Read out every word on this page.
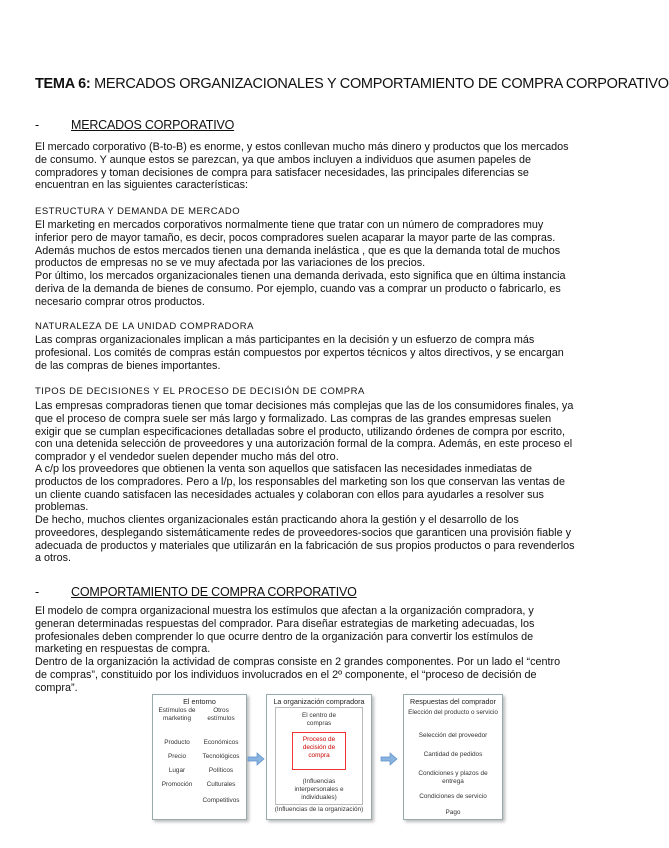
TEMA 6: MERCADOS ORGANIZACIONALES Y COMPORTAMIENTO DE COMPRA CORPORATIVO
-	MERCADOS CORPORATIVO
El mercado corporativo (B-to-B) es enorme, y estos conllevan mucho más dinero y productos que los mercados de consumo. Y aunque estos se parezcan, ya que ambos incluyen a individuos que asumen papeles de compradores y toman decisiones de compra para satisfacer necesidades, las principales diferencias se encuentran en las siguientes características:
ESTRUCTURA Y DEMANDA DE MERCADO
El marketing en mercados corporativos normalmente tiene que tratar con un número de compradores muy inferior pero de mayor tamaño, es decir, pocos compradores suelen acaparar la mayor parte de las compras. Además muchos de estos mercados tienen una demanda inelástica , que es que la demanda total de muchos productos de empresas no se ve muy afectada por las variaciones de los precios.
Por último, los mercados organizacionales tienen una demanda derivada, esto significa que en última instancia deriva de la demanda de bienes de consumo. Por ejemplo, cuando vas a comprar un producto o fabricarlo, es necesario comprar otros productos.
NATURALEZA DE LA UNIDAD COMPRADORA
Las compras organizacionales implican a más participantes en la decisión y un esfuerzo de compra más profesional. Los comités de compras están compuestos por expertos técnicos y altos directivos, y se encargan de las compras de bienes importantes.
TIPOS DE DECISIONES Y EL PROCESO DE DECISIÓN DE COMPRA
Las empresas compradoras tienen que tomar decisiones más complejas que las de los consumidores finales, ya que el proceso de compra suele ser más largo y formalizado. Las compras de las grandes empresas suelen exigir que se cumplan especificaciones detalladas sobre el producto, utilizando órdenes de compra por escrito, con una detenida selección de proveedores y una autorización formal de la compra. Además, en este proceso el comprador y el vendedor suelen depender mucho más del otro.
A c/p los proveedores que obtienen la venta son aquellos que satisfacen las necesidades inmediatas de productos de los compradores. Pero a l/p, los responsables del marketing son los que conservan las ventas de un cliente cuando satisfacen las necesidades actuales y colaboran con ellos para ayudarles a resolver sus problemas.
De hecho, muchos clientes organizacionales están practicando ahora la gestión y el desarrollo de los proveedores, desplegando sistemáticamente redes de proveedores-socios que garanticen una provisión fiable y adecuada de productos y materiales que utilizarán en la fabricación de sus propios productos o para revenderlos a otros.
-	COMPORTAMIENTO DE COMPRA CORPORATIVO
El modelo de compra organizacional muestra los estímulos que afectan a la organización compradora, y generan determinadas respuestas del comprador. Para diseñar estrategias de marketing adecuadas, los profesionales deben comprender lo que ocurre dentro de la organización para convertir los estímulos de marketing en respuestas de compra.
Dentro de la organización la actividad de compras consiste en 2 grandes componentes. Por un lado el “centro de compras”, constituido por los individuos involucrados en el 2º componente, el “proceso de decisión de compra”.
El entorno
Estímulos de marketing
Otros estímulos
Producto
Precio
Lugar
Promoción
Económicos
Tecnológicos
Políticos
Culturales
Competitivos
La organización compradora
El centro de compras
Proceso de decisión de compra
(Influencias interpersonales e individuales)
(Influencias de la organización)
Respuestas del comprador
Elección del producto o servicio
Selección del proveedor
Cantidad de pedidos
Condiciones y plazos de entrega
Condiciones de servicio
Pago
